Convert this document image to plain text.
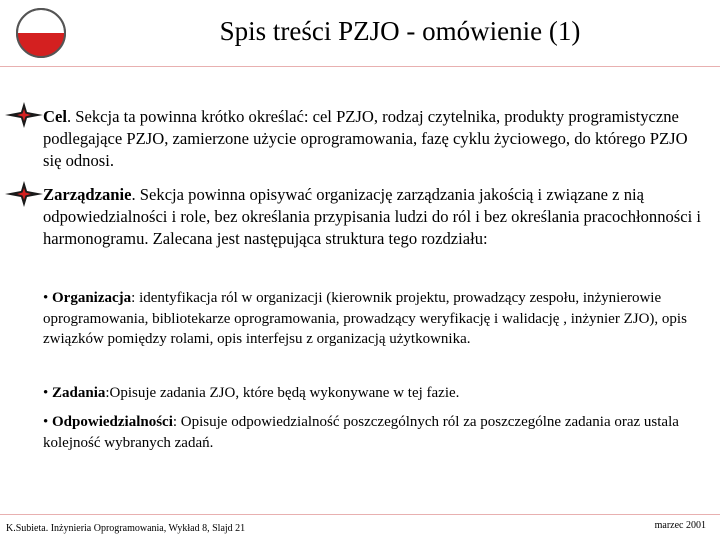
Spis treści PZJO - omówienie (1)

Cel. Sekcja ta powinna krótko określać: cel PZJO, rodzaj czytelnika, produkty programistyczne podlegające PZJO, zamierzone użycie oprogramowania, fazę cyklu życiowego, do którego PZJO się odnosi.

Zarządzanie. Sekcja powinna opisywać organizację zarządzania jakością i związane z nią odpowiedzialności i role, bez określania przypisania ludzi do ról i bez określania pracochłonności i harmonogramu. Zalecana jest następująca struktura tego rozdziału:

• Organizacja: identyfikacja ról w organizacji (kierownik projektu, prowadzący zespołu, inżynierowie oprogramowania, bibliotekarze oprogramowania, prowadzący weryfikację i walidację , inżynier ZJO), opis związków pomiędzy rolami, opis interfejsu z organizacją użytkownika.

• Zadania:Opisuje zadania ZJO, które będą wykonywane w tej fazie.

• Odpowiedzialności: Opisuje odpowiedzialność poszczególnych ról za poszczególne zadania oraz ustala kolejność wybranych zadań.

K.Subieta. Inżynieria Oprogramowania, Wykład 8, Slajd 21	marzec 2001
